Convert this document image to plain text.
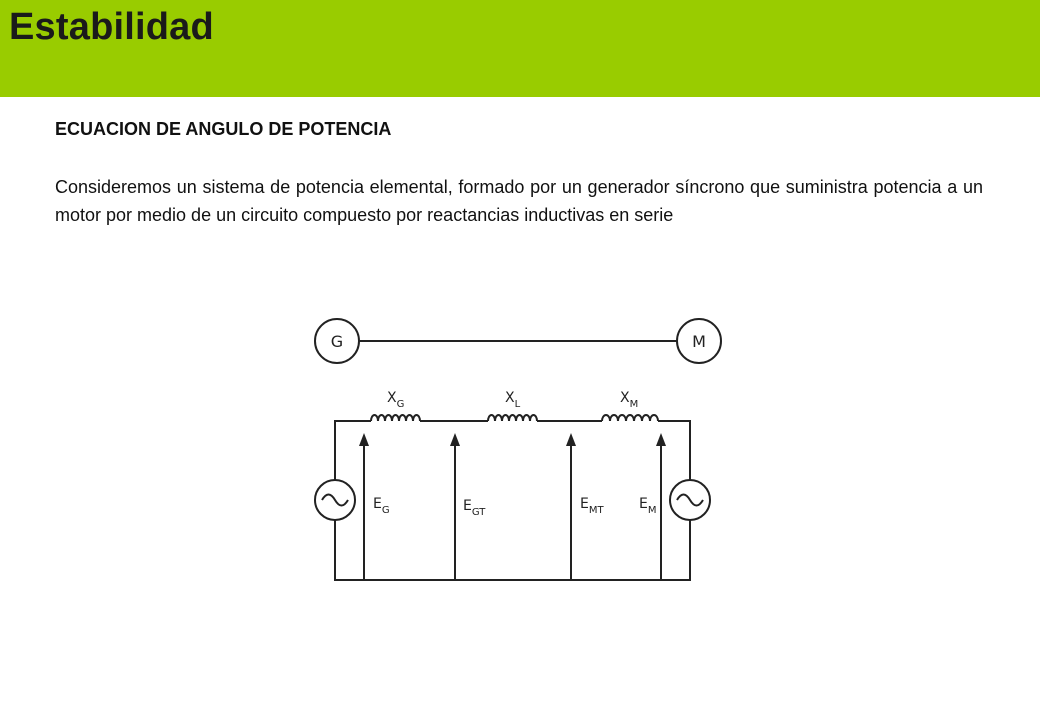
Estabilidad

ECUACION DE ANGULO DE POTENCIA

Consideremos un sistema de potencia elemental, formado por un generador síncrono que suministra potencia a un motor por medio de un circuito compuesto por reactancias inductivas en serie

G	M
$X_G$	$X_L$	$X_M$
$E_G$	$E_{GT}$
$E_{MT}$	$E_M$
